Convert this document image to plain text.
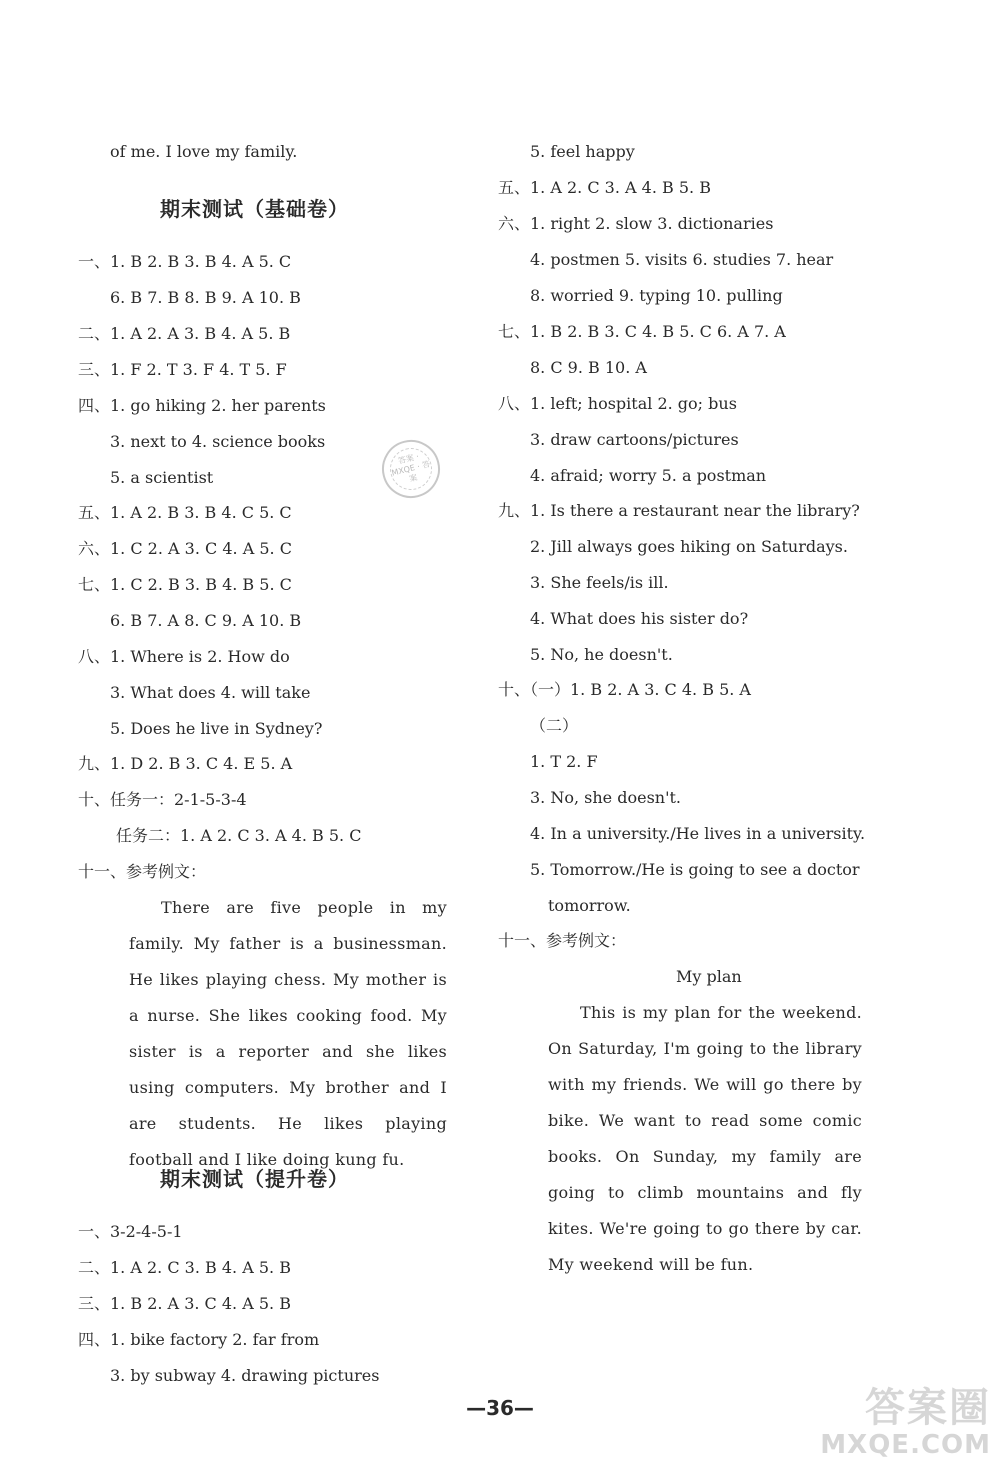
of me. I love my family.
期末测试（基础卷）
一、1. B 2. B 3. B 4. A 5. C
6. B 7. B 8. B 9. A 10. B
二、1. A 2. A 3. B 4. A 5. B
三、1. F 2. T 3. F 4. T 5. F
四、1. go hiking 2. her parents
3. next to 4. science books
5. a scientist
五、1. A 2. B 3. B 4. C 5. C
六、1. C 2. A 3. C 4. A 5. C
七、1. C 2. B 3. B 4. B 5. C
6. B 7. A 8. C 9. A 10. B
八、1. Where is 2. How do
3. What does 4. will take
5. Does he live in Sydney?
九、1. D 2. B 3. C 4. E 5. A
十、任务一：2-1-5-3-4
任务二：1. A 2. C 3. A 4. B 5. C
十一、参考例文：
There are five people in my family. My father is a businessman. He likes playing chess. My mother is a nurse. She likes cooking food. My sister is a reporter and she likes using computers. My brother and I are students. He likes playing football and I like doing kung fu.
期末测试（提升卷）
一、3-2-4-5-1
二、1. A 2. C 3. B 4. A 5. B
三、1. B 2. A 3. C 4. A 5. B
四、1. bike factory 2. far from
3. by subway 4. drawing pictures
答案 · MXQE · 答案
5. feel happy
五、1. A 2. C 3. A 4. B 5. B
六、1. right 2. slow 3. dictionaries
4. postmen 5. visits 6. studies 7. hear
8. worried 9. typing 10. pulling
七、1. B 2. B 3. C 4. B 5. C 6. A 7. A
8. C 9. B 10. A
八、1. left; hospital 2. go; bus
3. draw cartoons/pictures
4. afraid; worry 5. a postman
九、1. Is there a restaurant near the library?
2. Jill always goes hiking on Saturdays.
3. She feels/is ill.
4. What does his sister do?
5. No, he doesn't.
十、（一）1. B 2. A 3. C 4. B 5. A
（二）
1. T 2. F
3. No, she doesn't.
4. In a university./He lives in a university.
5. Tomorrow./He is going to see a doctor
tomorrow.
十一、参考例文：
My plan
This is my plan for the weekend. On Saturday, I'm going to the library with my friends. We will go there by bike. We want to read some comic books. On Sunday, my family are going to climb mountains and fly kites. We're going to go there by car. My weekend will be fun.
—36—	答案圈
MXQE.COM
